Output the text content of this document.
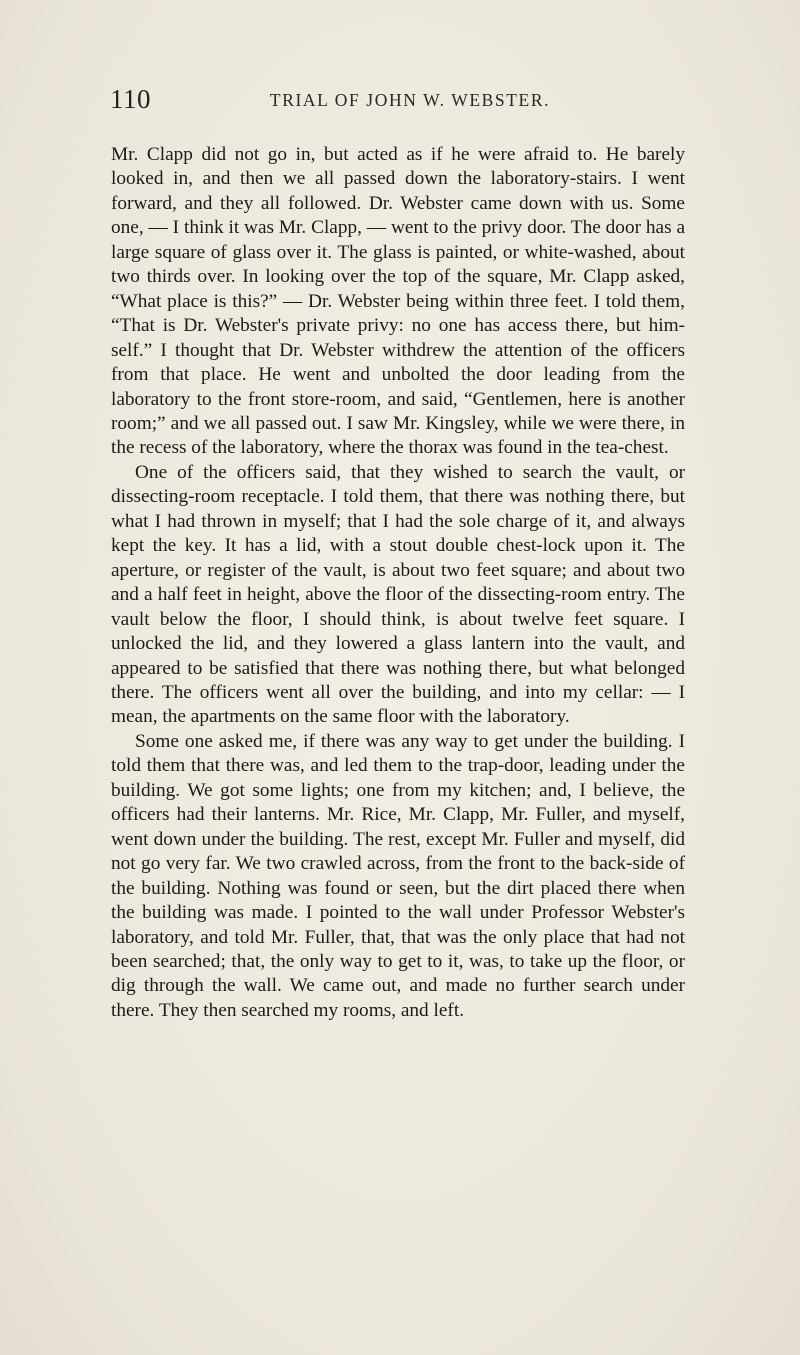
110	TRIAL OF JOHN W. WEBSTER.

Mr. Clapp did not go in, but acted as if he were afraid to. He barely looked in, and then we all passed down the laboratory-stairs. I went forward, and they all followed. Dr. Webster came down with us. Some one, — I think it was Mr. Clapp, — went to the privy door. The door has a large square of glass over it. The glass is painted, or white-washed, about two thirds over. In looking over the top of the square, Mr. Clapp asked, “What place is this?” — Dr. Webster being within three feet. I told them, “That is Dr. Webster's private privy: no one has access there, but him-self.” I thought that Dr. Webster withdrew the attention of the officers from that place. He went and unbolted the door leading from the laboratory to the front store-room, and said, “Gentlemen, here is another room;” and we all passed out. I saw Mr. Kingsley, while we were there, in the recess of the laboratory, where the thorax was found in the tea-chest.

One of the officers said, that they wished to search the vault, or dissecting-room receptacle. I told them, that there was nothing there, but what I had thrown in myself; that I had the sole charge of it, and always kept the key. It has a lid, with a stout double chest-lock upon it. The aperture, or register of the vault, is about two feet square; and about two and a half feet in height, above the floor of the dissecting-room entry. The vault below the floor, I should think, is about twelve feet square. I unlocked the lid, and they lowered a glass lantern into the vault, and appeared to be satisfied that there was nothing there, but what belonged there. The officers went all over the building, and into my cellar: — I mean, the apartments on the same floor with the laboratory.

Some one asked me, if there was any way to get under the building. I told them that there was, and led them to the trap-door, leading under the building. We got some lights; one from my kitchen; and, I believe, the officers had their lanterns. Mr. Rice, Mr. Clapp, Mr. Fuller, and myself, went down under the building. The rest, except Mr. Fuller and myself, did not go very far. We two crawled across, from the front to the back-side of the building. Nothing was found or seen, but the dirt placed there when the building was made. I pointed to the wall under Professor Webster's laboratory, and told Mr. Fuller, that, that was the only place that had not been searched; that, the only way to get to it, was, to take up the floor, or dig through the wall. We came out, and made no further search under there. They then searched my rooms, and left.
